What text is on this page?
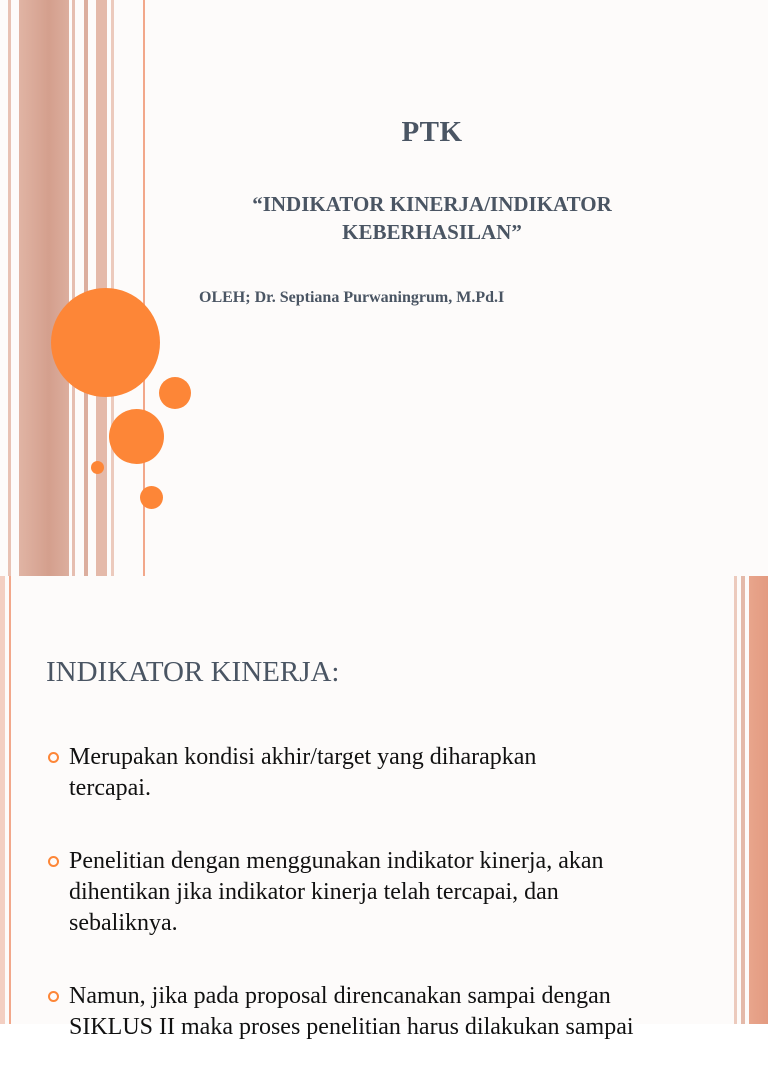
PTK
“INDIKATOR KINERJA/INDIKATOR
KEBERHASILAN”

OLEH; Dr. Septiana Purwaningrum, M.Pd.I

INDIKATOR KINERJA:
Merupakan kondisi akhir/target yang diharapkan
tercapai.
Penelitian dengan menggunakan indikator kinerja, akan
dihentikan jika indikator kinerja telah tercapai, dan
sebaliknya.
Namun, jika pada proposal direncanakan sampai dengan
SIKLUS II maka proses penelitian harus dilakukan sampai
